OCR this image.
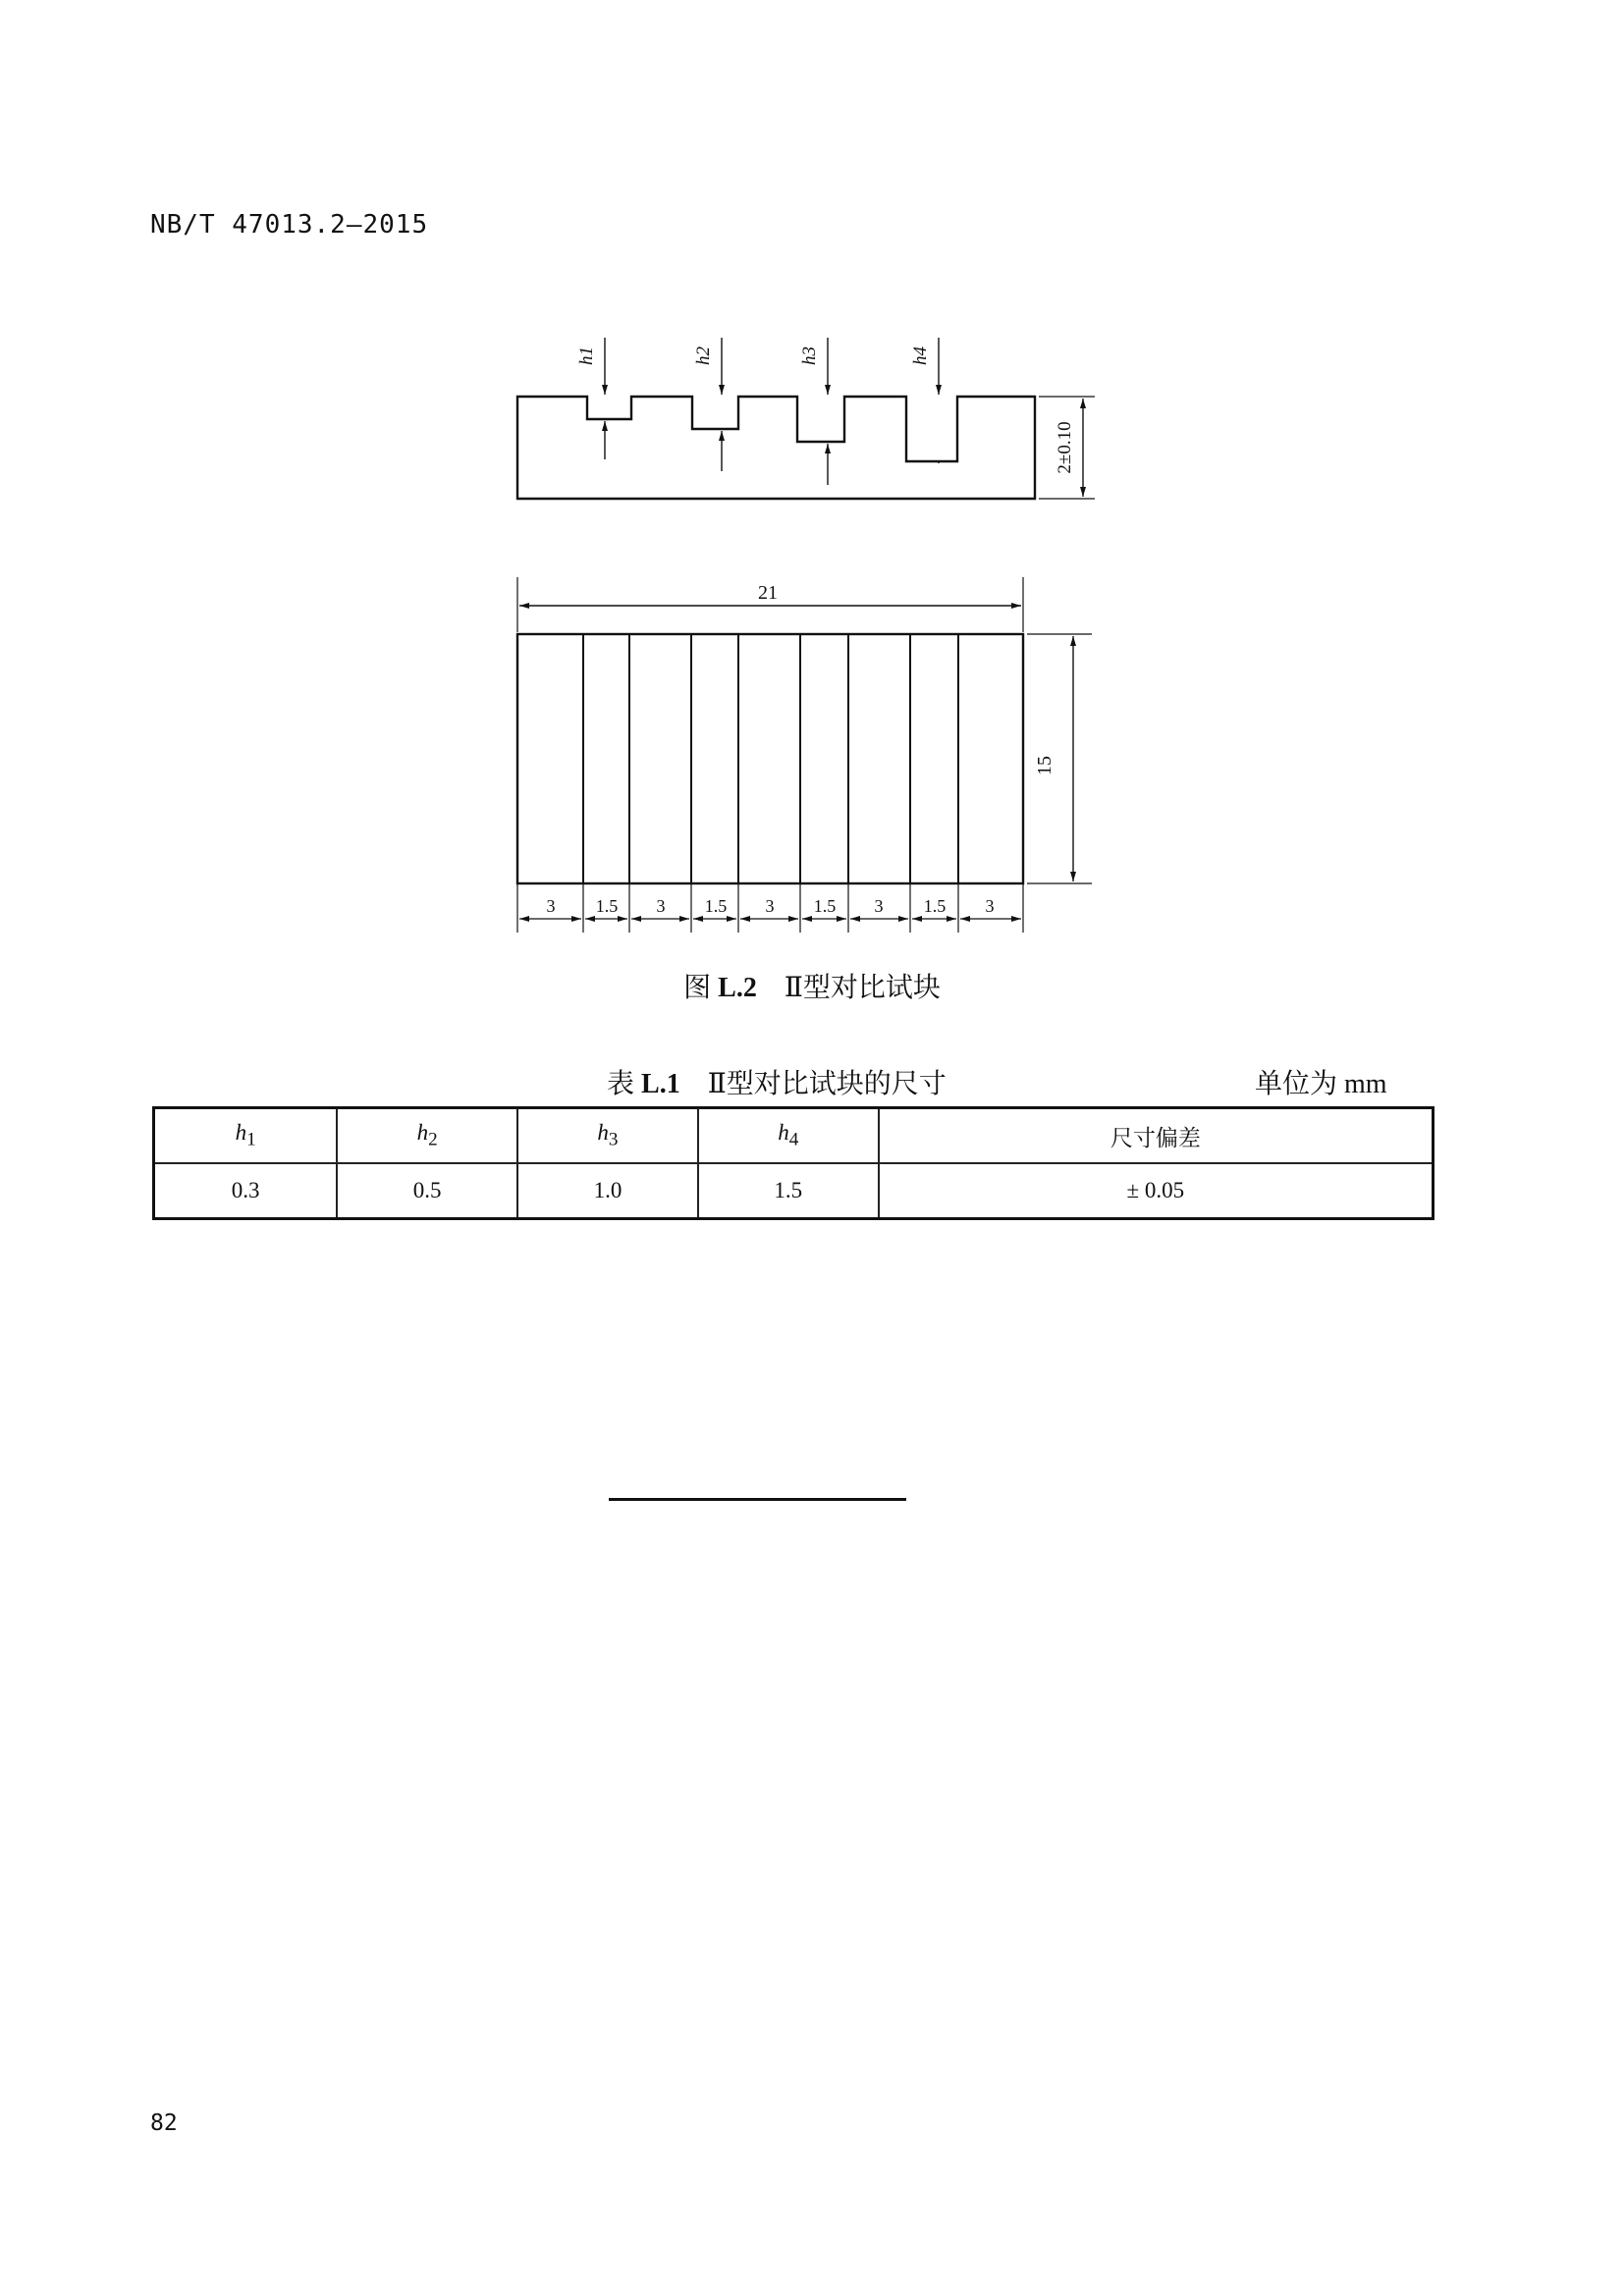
NB/T 47013.2—2015
h1	h2	h3	h4
2±0.10
21
15
3 1.5 3 1.5 3 1.5 3 1.5 3
图 L.2 Ⅱ型对比试块
表 L.1 Ⅱ型对比试块的尺寸	单位为 mm
$h_1$	$h_2$	$h_3$	$h_4$	尺寸偏差
0.3	0.5	1.0	1.5	± 0.05
82
